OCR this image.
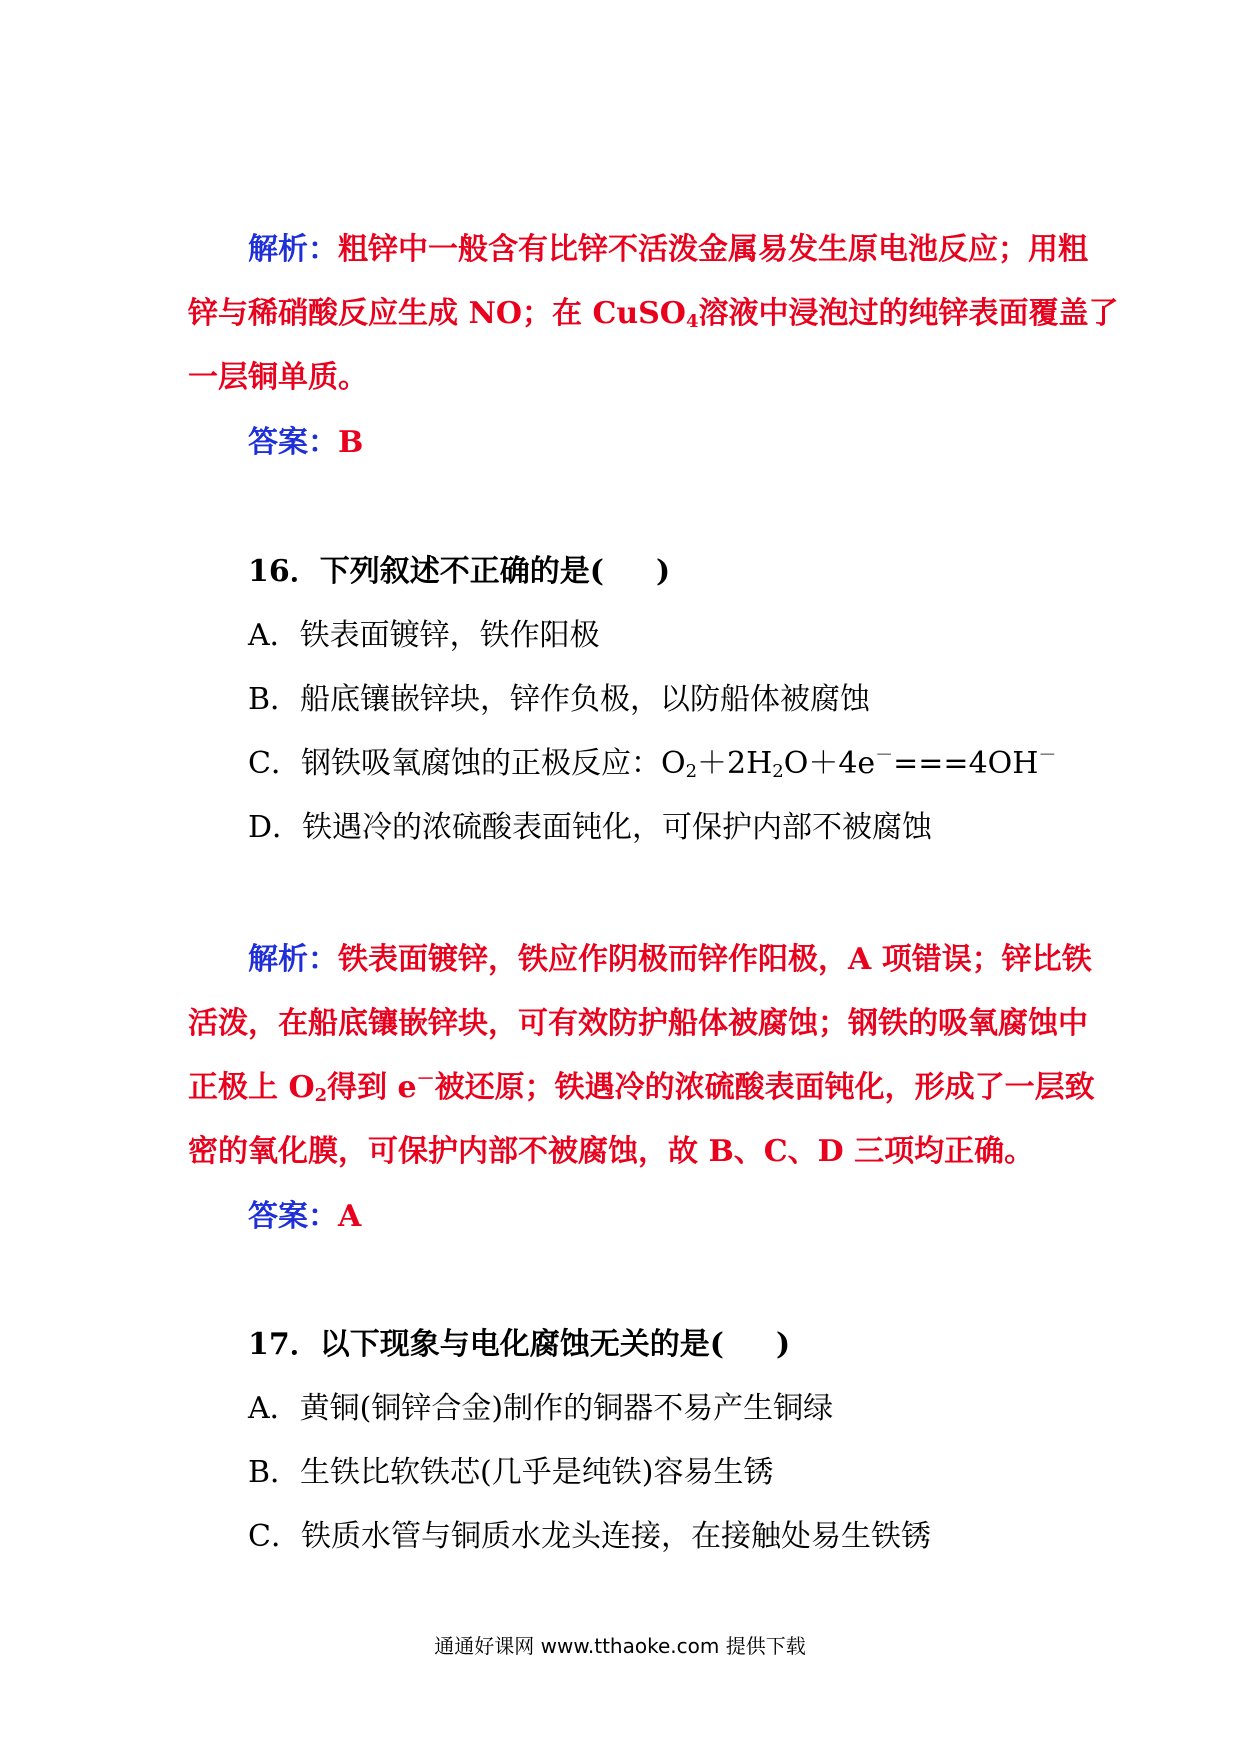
解析：粗锌中一般含有比锌不活泼金属易发生原电池反应；用粗
锌与稀硝酸反应生成 NO；在 CuSO$_4$溶液中浸泡过的纯锌表面覆盖了
一层铜单质。
答案：B
16．下列叙述不正确的是( )
A．铁表面镀锌，铁作阳极
B．船底镶嵌锌块，锌作负极，以防船体被腐蚀
C．钢铁吸氧腐蚀的正极反应：$O_2+2H_2O+4e^-===4OH^-$
D．铁遇冷的浓硫酸表面钝化，可保护内部不被腐蚀
解析：铁表面镀锌，铁应作阴极而锌作阳极，A 项错误；锌比铁
活泼，在船底镶嵌锌块，可有效防护船体被腐蚀；钢铁的吸氧腐蚀中
正极上 $O_2$得到 e－被还原；铁遇冷的浓硫酸表面钝化，形成了一层致
密的氧化膜，可保护内部不被腐蚀，故 B、C、D 三项均正确。
答案：A
17．以下现象与电化腐蚀无关的是( )
A．黄铜(铜锌合金)制作的铜器不易产生铜绿
B．生铁比软铁芯(几乎是纯铁)容易生锈
C．铁质水管与铜质水龙头连接，在接触处易生铁锈
通通好课网 www.tthaoke.com 提供下载
